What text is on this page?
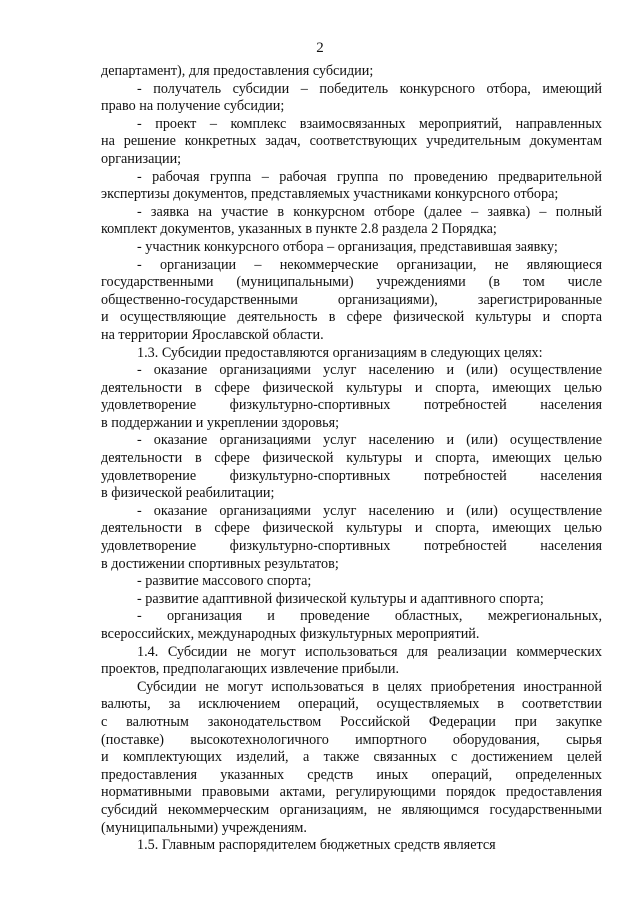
2
департамент), для предоставления субсидии;
- получатель субсидии – победитель конкурсного отбора, имеющий
право на получение субсидии;
- проект – комплекс взаимосвязанных мероприятий, направленных
на решение конкретных задач, соответствующих учредительным документам
организации;
- рабочая группа – рабочая группа по проведению предварительной
экспертизы документов, представляемых участниками конкурсного отбора;
- заявка на участие в конкурсном отборе (далее – заявка) – полный
комплект документов, указанных в пункте 2.8 раздела 2 Порядка;
- участник конкурсного отбора – организация, представившая заявку;
- организации – некоммерческие организации, не являющиеся
государственными (муниципальными) учреждениями (в том числе
общественно-государственными организациями), зарегистрированные
и осуществляющие деятельность в сфере физической культуры и спорта
на территории Ярославской области.
1.3. Субсидии предоставляются организациям в следующих целях:
- оказание организациями услуг населению и (или) осуществление
деятельности в сфере физической культуры и спорта, имеющих целью
удовлетворение физкультурно-спортивных потребностей населения
в поддержании и укреплении здоровья;
- оказание организациями услуг населению и (или) осуществление
деятельности в сфере физической культуры и спорта, имеющих целью
удовлетворение физкультурно-спортивных потребностей населения
в физической реабилитации;
- оказание организациями услуг населению и (или) осуществление
деятельности в сфере физической культуры и спорта, имеющих целью
удовлетворение физкультурно-спортивных потребностей населения
в достижении спортивных результатов;
- развитие массового спорта;
- развитие адаптивной физической культуры и адаптивного спорта;
- организация и проведение областных, межрегиональных,
всероссийских, международных физкультурных мероприятий.
1.4. Субсидии не могут использоваться для реализации коммерческих
проектов, предполагающих извлечение прибыли.
Субсидии не могут использоваться в целях приобретения иностранной
валюты, за исключением операций, осуществляемых в соответствии
с валютным законодательством Российской Федерации при закупке
(поставке) высокотехнологичного импортного оборудования, сырья
и комплектующих изделий, а также связанных с достижением целей
предоставления указанных средств иных операций, определенных
нормативными правовыми актами, регулирующими порядок предоставления
субсидий некоммерческим организациям, не являющимся государственными
(муниципальными) учреждениям.
1.5. Главным распорядителем бюджетных средств является
